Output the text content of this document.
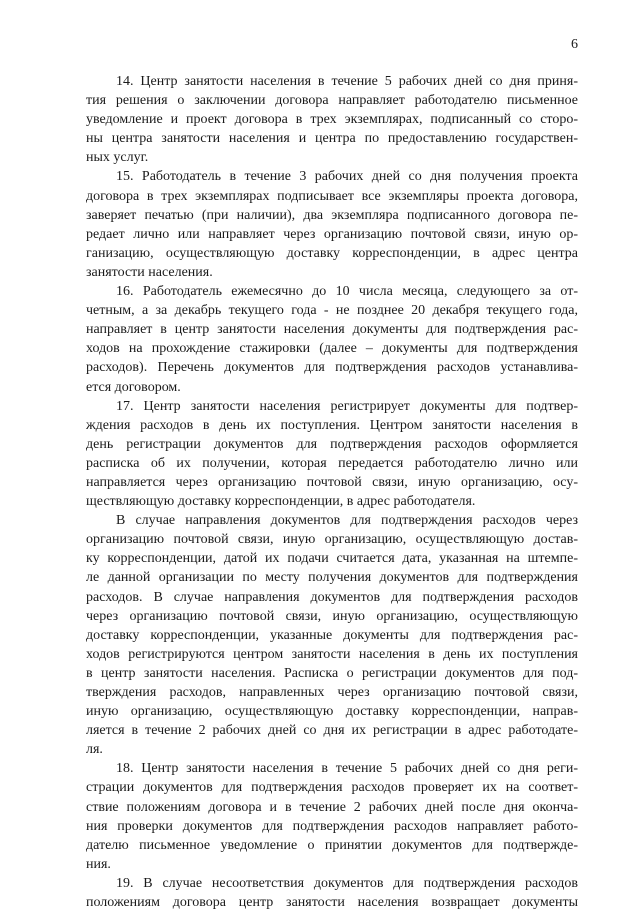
6
14. Центр занятости населения в течение 5 рабочих дней со дня приня-
тия решения о заключении договора направляет работодателю письменное
уведомление и проект договора в трех экземплярах, подписанный со сторо-
ны центра занятости населения и центра по предоставлению государствен-
ных услуг.
15. Работодатель в течение 3 рабочих дней со дня получения проекта
договора в трех экземплярах подписывает все экземпляры проекта договора,
заверяет печатью (при наличии), два экземпляра подписанного договора пе-
редает лично или направляет через организацию почтовой связи, иную ор-
ганизацию, осуществляющую доставку корреспонденции, в адрес центра
занятости населения.
16. Работодатель ежемесячно до 10 числа месяца, следующего за от-
четным, а за декабрь текущего года - не позднее 20 декабря текущего года,
направляет в центр занятости населения документы для подтверждения рас-
ходов на прохождение стажировки (далее – документы для подтверждения
расходов). Перечень документов для подтверждения расходов устанавлива-
ется договором.
17. Центр занятости населения регистрирует документы для подтвер-
ждения расходов в день их поступления. Центром занятости населения в
день регистрации документов для подтверждения расходов оформляется
расписка об их получении, которая передается работодателю лично или
направляется через организацию почтовой связи, иную организацию, осу-
ществляющую доставку корреспонденции, в адрес работодателя.
В случае направления документов для подтверждения расходов через
организацию почтовой связи, иную организацию, осуществляющую достав-
ку корреспонденции, датой их подачи считается дата, указанная на штемпе-
ле данной организации по месту получения документов для подтверждения
расходов. В случае направления документов для подтверждения расходов
через организацию почтовой связи, иную организацию, осуществляющую
доставку корреспонденции, указанные документы для подтверждения рас-
ходов регистрируются центром занятости населения в день их поступления
в центр занятости населения. Расписка о регистрации документов для под-
тверждения расходов, направленных через организацию почтовой связи,
иную организацию, осуществляющую доставку корреспонденции, направ-
ляется в течение 2 рабочих дней со дня их регистрации в адрес работодате-
ля.
18. Центр занятости населения в течение 5 рабочих дней со дня реги-
страции документов для подтверждения расходов проверяет их на соответ-
ствие положениям договора и в течение 2 рабочих дней после дня оконча-
ния проверки документов для подтверждения расходов направляет работо-
дателю письменное уведомление о принятии документов для подтвержде-
ния.
19. В случае несоответствия документов для подтверждения расходов
положениям договора центр занятости населения возвращает документы
